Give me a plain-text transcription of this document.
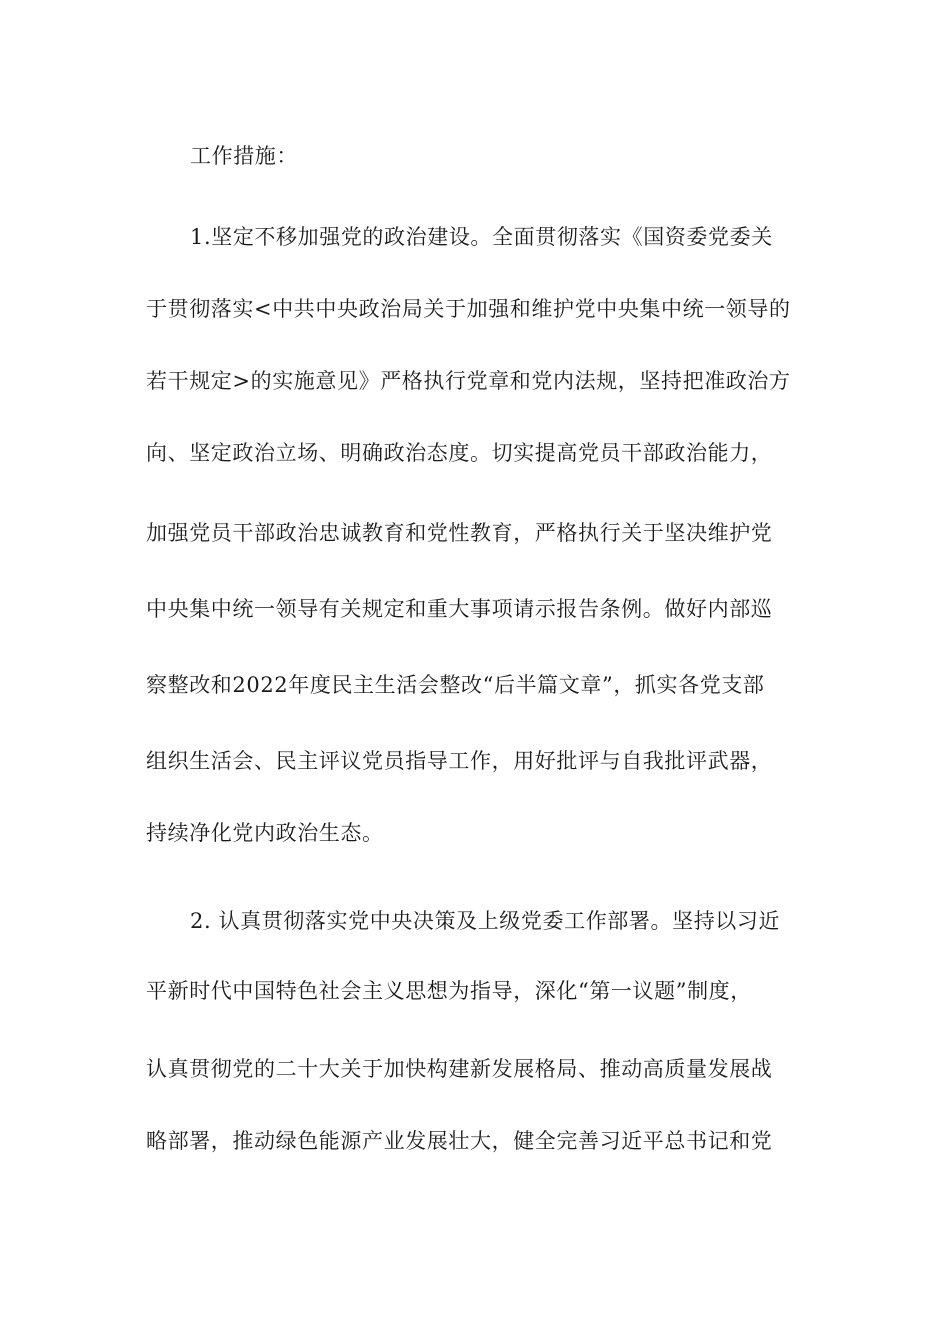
工作措施：
1.坚定不移加强党的政治建设。全面贯彻落实《国资委党委关
于贯彻落实<中共中央政治局关于加强和维护党中央集中统一领导的
若干规定>的实施意见》严格执行党章和党内法规，坚持把准政治方
向、坚定政治立场、明确政治态度。切实提高党员干部政治能力，
加强党员干部政治忠诚教育和党性教育，严格执行关于坚决维护党
中央集中统一领导有关规定和重大事项请示报告条例。做好内部巡
察整改和2022年度民主生活会整改“后半篇文章”，抓实各党支部
组织生活会、民主评议党员指导工作，用好批评与自我批评武器，
持续净化党内政治生态。
2. 认真贯彻落实党中央决策及上级党委工作部署。坚持以习近
平新时代中国特色社会主义思想为指导，深化“第一议题”制度，
认真贯彻党的二十大关于加快构建新发展格局、推动高质量发展战
略部署，推动绿色能源产业发展壮大，健全完善习近平总书记和党
